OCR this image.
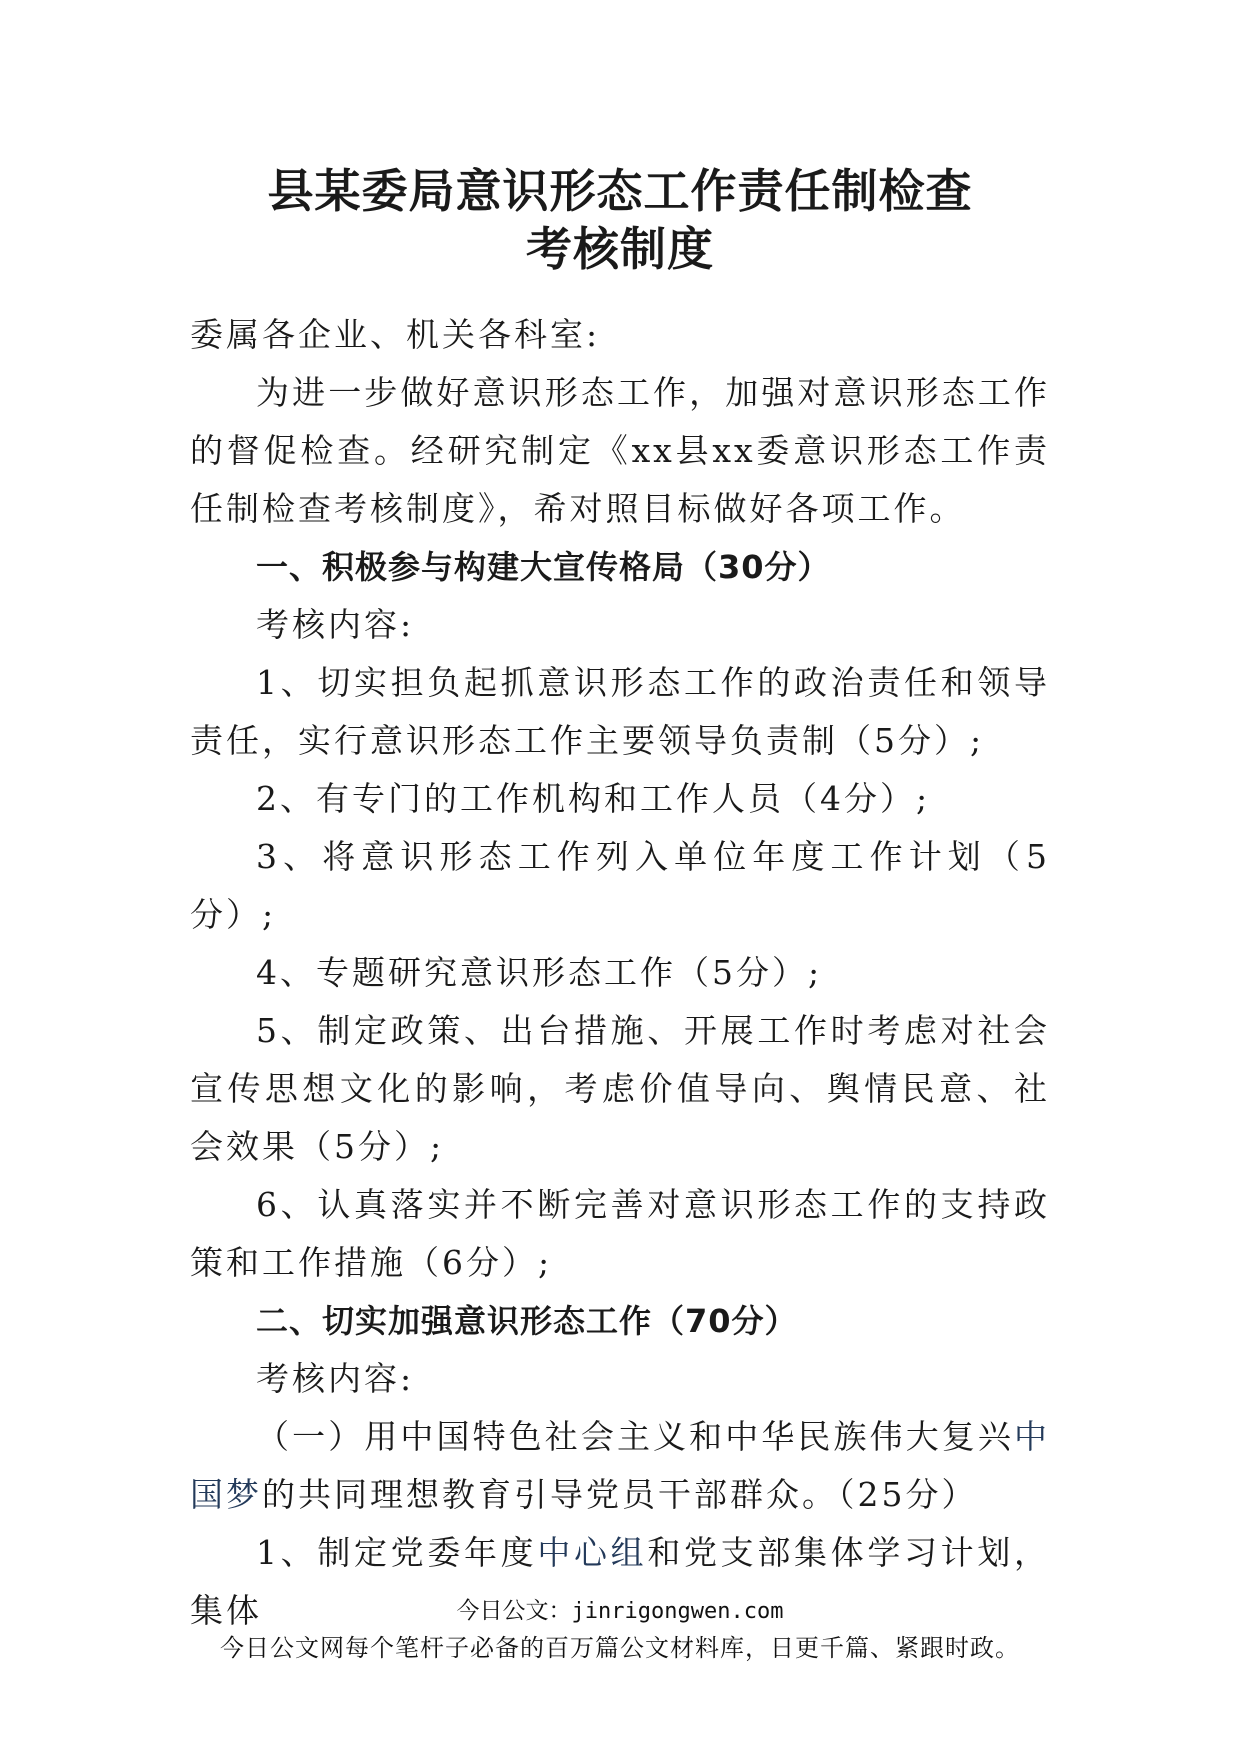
县某委局意识形态工作责任制检查
考核制度

委属各企业、机关各科室:

为进一步做好意识形态工作，加强对意识形态工作的督促检查。经研究制定《xx县xx委意识形态工作责任制检查考核制度》，希对照目标做好各项工作。

一、积极参与构建大宣传格局（30分）

考核内容:

1、切实担负起抓意识形态工作的政治责任和领导责任，实行意识形态工作主要领导负责制（5分）;

2、有专门的工作机构和工作人员（4分）;

3、将意识形态工作列入单位年度工作计划（5分）;

4、专题研究意识形态工作（5分）;

5、制定政策、出台措施、开展工作时考虑对社会宣传思想文化的影响，考虑价值导向、舆情民意、社会效果（5分）;

6、认真落实并不断完善对意识形态工作的支持政策和工作措施（6分）;

二、切实加强意识形态工作（70分）

考核内容:

（一）用中国特色社会主义和中华民族伟大复兴中国梦的共同理想教育引导党员干部群众。（25分）

1、制定党委年度中心组和党支部集体学习计划，集体	今日公文：jinrigongwen.com
今日公文网每个笔杆子必备的百万篇公文材料库，日更千篇、紧跟时政。
